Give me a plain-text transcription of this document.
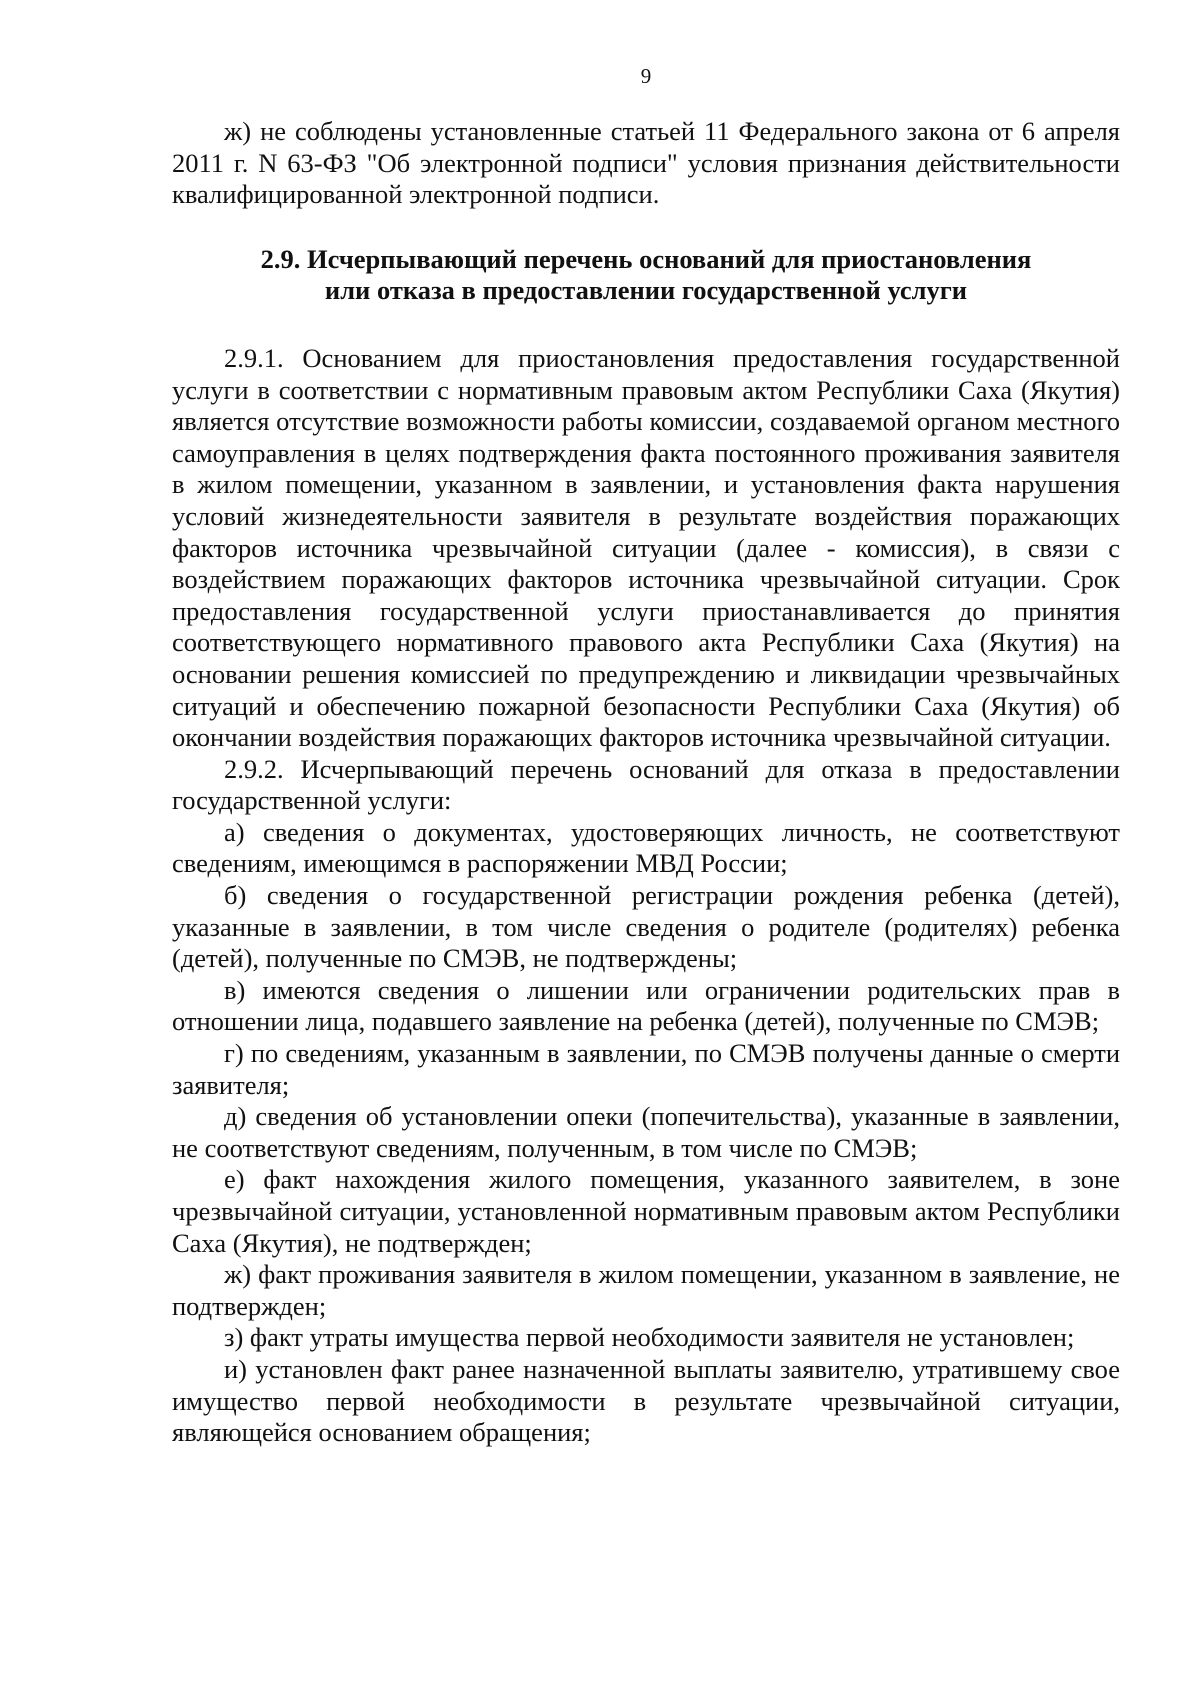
9

ж) не соблюдены установленные статьей 11 Федерального закона от 6 апреля 2011 г. N 63-ФЗ "Об электронной подписи" условия признания действительности квалифицированной электронной подписи.

2.9. Исчерпывающий перечень оснований для приостановления
или отказа в предоставлении государственной услуги

2.9.1. Основанием для приостановления предоставления государственной услуги в соответствии с нормативным правовым актом Республики Саха (Якутия) является отсутствие возможности работы комиссии, создаваемой органом местного самоуправления в целях подтверждения факта постоянного проживания заявителя в жилом помещении, указанном в заявлении, и установления факта нарушения условий жизнедеятельности заявителя в результате воздействия поражающих факторов источника чрезвычайной ситуации (далее - комиссия), в связи с воздействием поражающих факторов источника чрезвычайной ситуации. Срок предоставления государственной услуги приостанавливается до принятия соответствующего нормативного правового акта Республики Саха (Якутия) на основании решения комиссией по предупреждению и ликвидации чрезвычайных ситуаций и обеспечению пожарной безопасности Республики Саха (Якутия) об окончании воздействия поражающих факторов источника чрезвычайной ситуации.

2.9.2. Исчерпывающий перечень оснований для отказа в предоставлении государственной услуги:

а) сведения о документах, удостоверяющих личность, не соответствуют сведениям, имеющимся в распоряжении МВД России;

б) сведения о государственной регистрации рождения ребенка (детей), указанные в заявлении, в том числе сведения о родителе (родителях) ребенка (детей), полученные по СМЭВ, не подтверждены;

в) имеются сведения о лишении или ограничении родительских прав в отношении лица, подавшего заявление на ребенка (детей), полученные по СМЭВ;

г) по сведениям, указанным в заявлении, по СМЭВ получены данные о смерти заявителя;

д) сведения об установлении опеки (попечительства), указанные в заявлении, не соответствуют сведениям, полученным, в том числе по СМЭВ;

е) факт нахождения жилого помещения, указанного заявителем, в зоне чрезвычайной ситуации, установленной нормативным правовым актом Республики Саха (Якутия), не подтвержден;

ж) факт проживания заявителя в жилом помещении, указанном в заявление, не подтвержден;

з) факт утраты имущества первой необходимости заявителя не установлен;

и) установлен факт ранее назначенной выплаты заявителю, утратившему свое имущество первой необходимости в результате чрезвычайной ситуации, являющейся основанием обращения;
